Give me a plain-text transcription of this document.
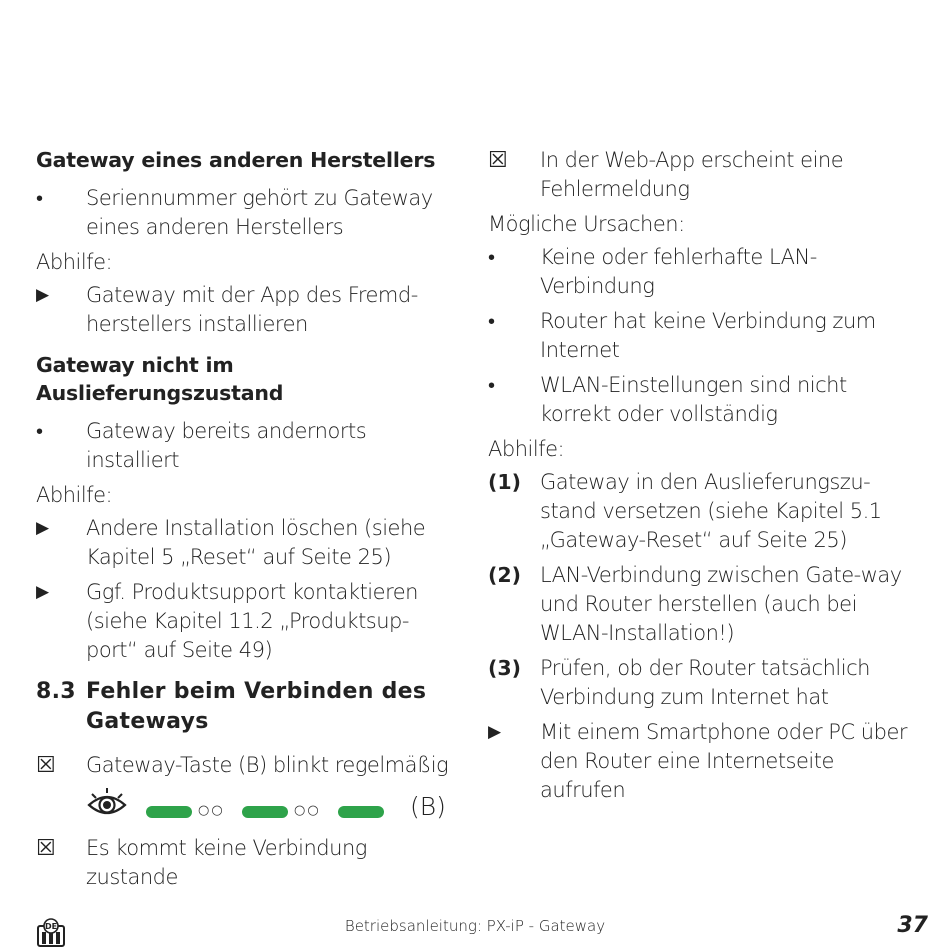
Gateway eines anderen Herstellers
•	Seriennummer gehört zu Gateway eines anderen Herstellers
Abhilfe:
▶	Gateway mit der App des Fremd-herstellers installieren
Gateway nicht im Auslieferungszustand
•	Gateway bereits andernorts installiert
Abhilfe:
▶	Andere Installation löschen (siehe Kapitel 5 „Reset“ auf Seite 25)
▶	Ggf. Produktsupport kontaktieren (siehe Kapitel 11.2 „Produktsup-port“ auf Seite 49)
8.3 Fehler beim Verbinden des Gateways
☒	Gateway-Taste (B) blinkt regelmäßig
○○	○○	(B)
☒	Es kommt keine Verbindung zustande
☒	In der Web-App erscheint eine Fehlermeldung
Mögliche Ursachen:
•	Keine oder fehlerhafte LAN-Verbindung
•	Router hat keine Verbindung zum Internet
•	WLAN-Einstellungen sind nicht korrekt oder vollständig
Abhilfe:
(1) Gateway in den Auslieferungszu-stand versetzen (siehe Kapitel 5.1 „Gateway-Reset“ auf Seite 25)
(2) LAN-Verbindung zwischen Gate-way und Router herstellen (auch bei WLAN-Installation!)
(3) Prüfen, ob der Router tatsächlich Verbindung zum Internet hat
▶	Mit einem Smartphone oder PC über den Router eine Internetseite aufrufen
DE	Betriebsanleitung: PX-iP - Gateway	37
